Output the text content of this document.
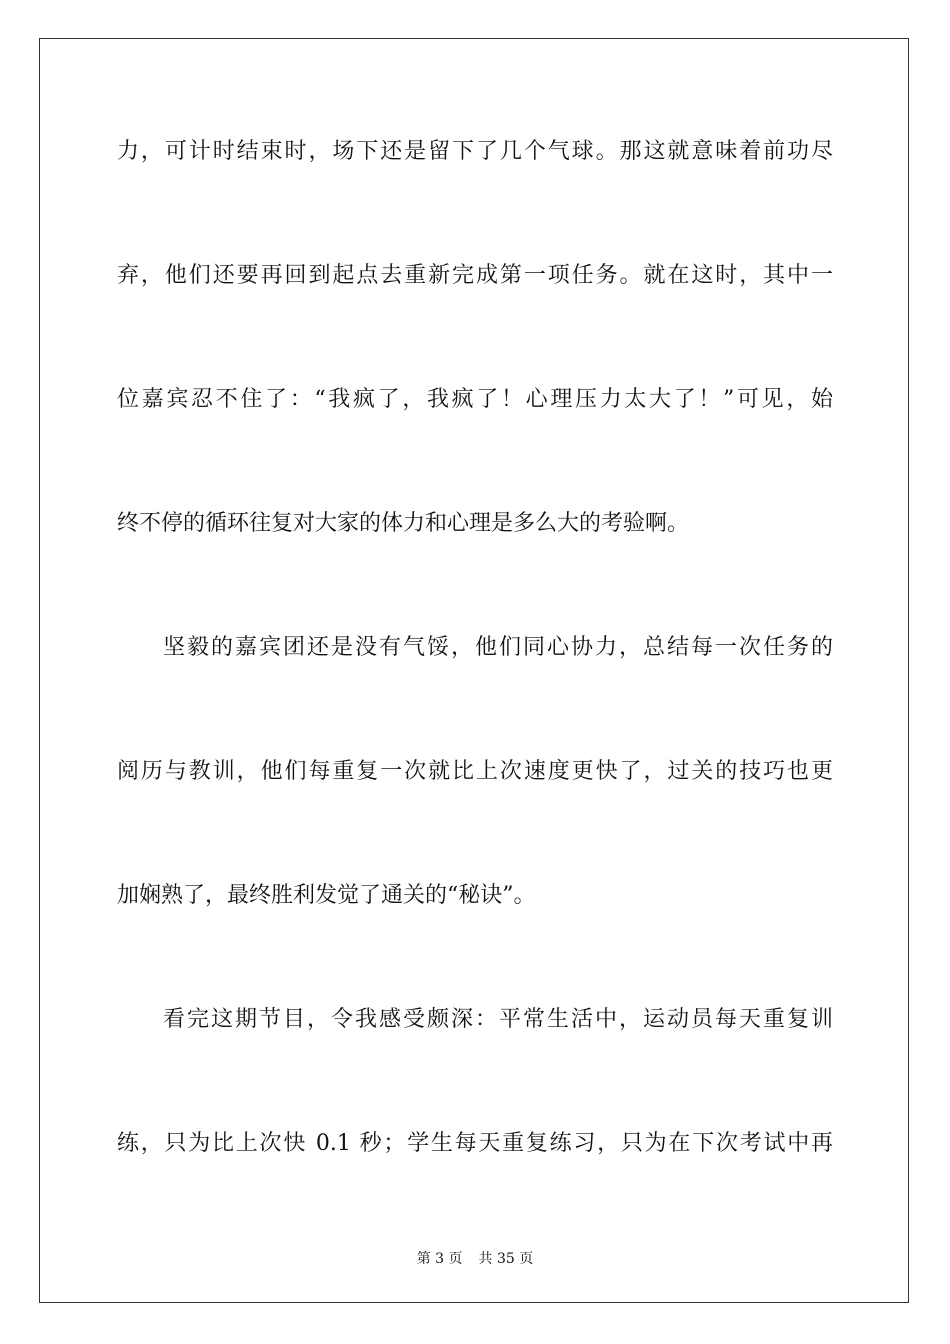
力，可计时结束时，场下还是留下了几个气球。那这就意味着前功尽
弃，他们还要再回到起点去重新完成第一项任务。就在这时，其中一
位嘉宾忍不住了：“我疯了，我疯了！心理压力太大了！”可见，始
终不停的循环往复对大家的体力和心理是多么大的考验啊。
坚毅的嘉宾团还是没有气馁，他们同心协力，总结每一次任务的
阅历与教训，他们每重复一次就比上次速度更快了，过关的技巧也更
加娴熟了，最终胜利发觉了通关的“秘诀”。
看完这期节目，令我感受颇深：平常生活中，运动员每天重复训
练，只为比上次快 0.1 秒；学生每天重复练习，只为在下次考试中再
第 3 页 共 35 页
